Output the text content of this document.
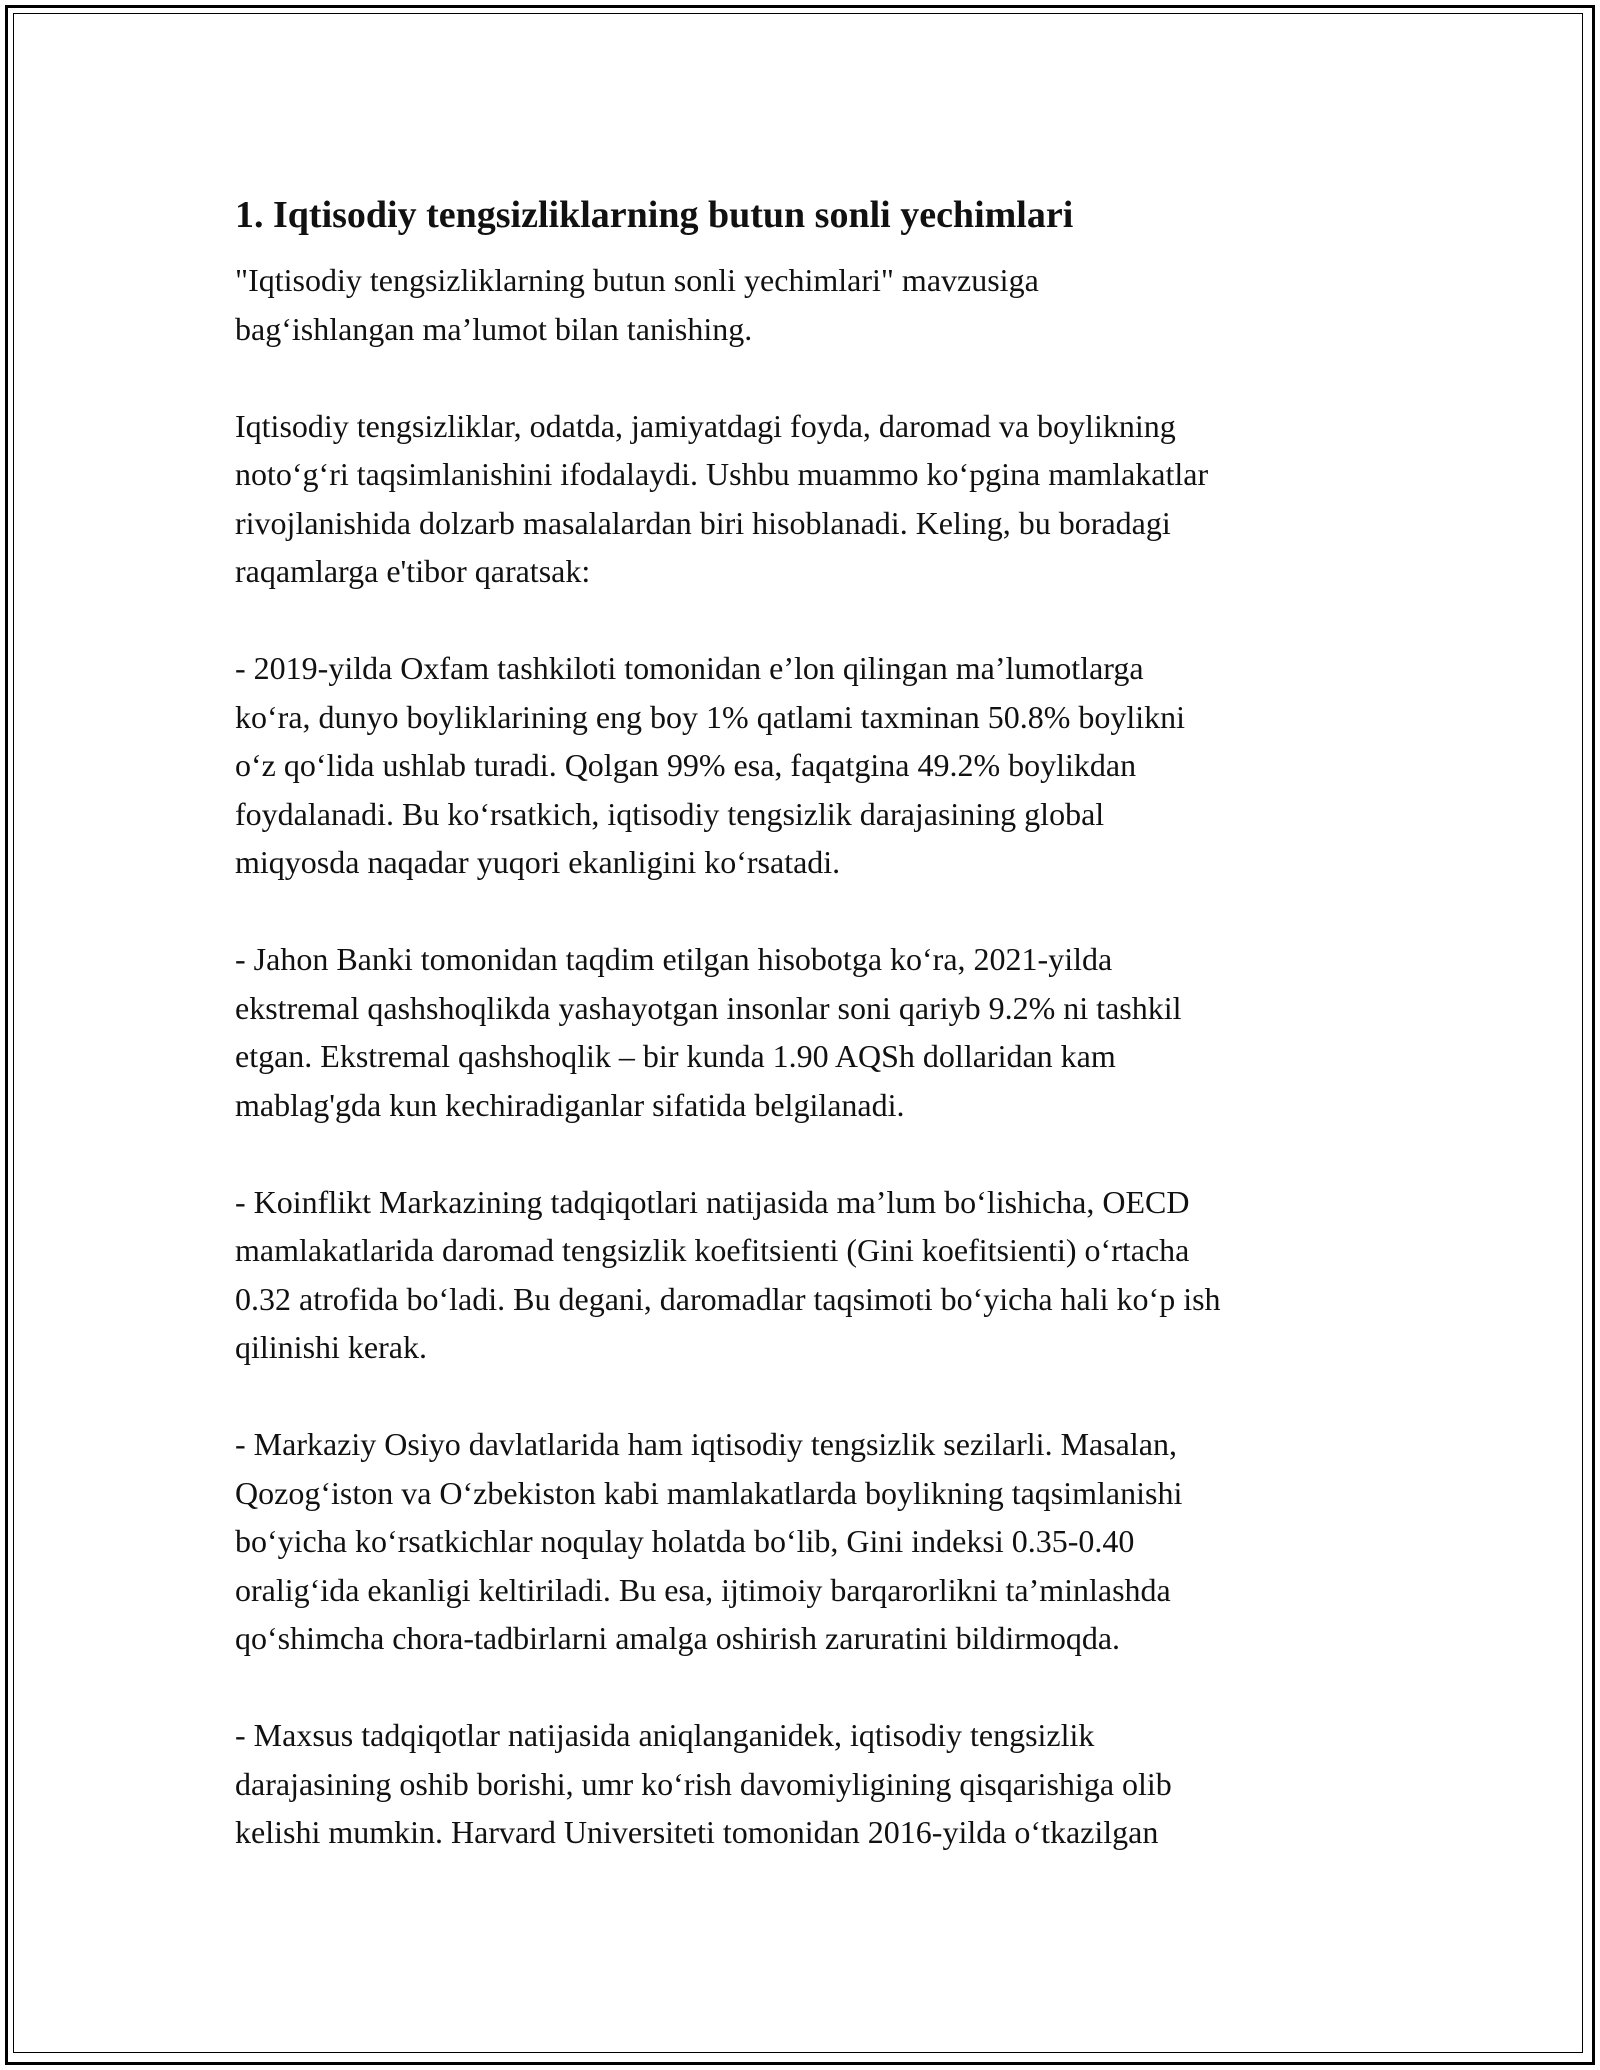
1. Iqtisodiy tengsizliklarning butun sonli yechimlari
"Iqtisodiy tengsizliklarning butun sonli yechimlari" mavzusiga
bag‘ishlangan ma’lumot bilan tanishing.
Iqtisodiy tengsizliklar, odatda, jamiyatdagi foyda, daromad va boylikning
noto‘g‘ri taqsimlanishini ifodalaydi. Ushbu muammo ko‘pgina mamlakatlar
rivojlanishida dolzarb masalalardan biri hisoblanadi. Keling, bu boradagi
raqamlarga e'tibor qaratsak:
- 2019-yilda Oxfam tashkiloti tomonidan e’lon qilingan ma’lumotlarga
ko‘ra, dunyo boyliklarining eng boy 1% qatlami taxminan 50.8% boylikni
o‘z qo‘lida ushlab turadi. Qolgan 99% esa, faqatgina 49.2% boylikdan
foydalanadi. Bu ko‘rsatkich, iqtisodiy tengsizlik darajasining global
miqyosda naqadar yuqori ekanligini ko‘rsatadi.
- Jahon Banki tomonidan taqdim etilgan hisobotga ko‘ra, 2021-yilda
ekstremal qashshoqlikda yashayotgan insonlar soni qariyb 9.2% ni tashkil
etgan. Ekstremal qashshoqlik – bir kunda 1.90 AQSh dollaridan kam
mablag'gda kun kechiradiganlar sifatida belgilanadi.
- Koinflikt Markazining tadqiqotlari natijasida ma’lum bo‘lishicha, OECD
mamlakatlarida daromad tengsizlik koefitsienti (Gini koefitsienti) o‘rtacha
0.32 atrofida bo‘ladi. Bu degani, daromadlar taqsimoti bo‘yicha hali ko‘p ish
qilinishi kerak.
- Markaziy Osiyo davlatlarida ham iqtisodiy tengsizlik sezilarli. Masalan,
Qozog‘iston va O‘zbekiston kabi mamlakatlarda boylikning taqsimlanishi
bo‘yicha ko‘rsatkichlar noqulay holatda bo‘lib, Gini indeksi 0.35-0.40
oralig‘ida ekanligi keltiriladi. Bu esa, ijtimoiy barqarorlikni ta’minlashda
qo‘shimcha chora-tadbirlarni amalga oshirish zaruratini bildirmoqda.
- Maxsus tadqiqotlar natijasida aniqlanganidek, iqtisodiy tengsizlik
darajasining oshib borishi, umr ko‘rish davomiyligining qisqarishiga olib
kelishi mumkin. Harvard Universiteti tomonidan 2016-yilda o‘tkazilgan
